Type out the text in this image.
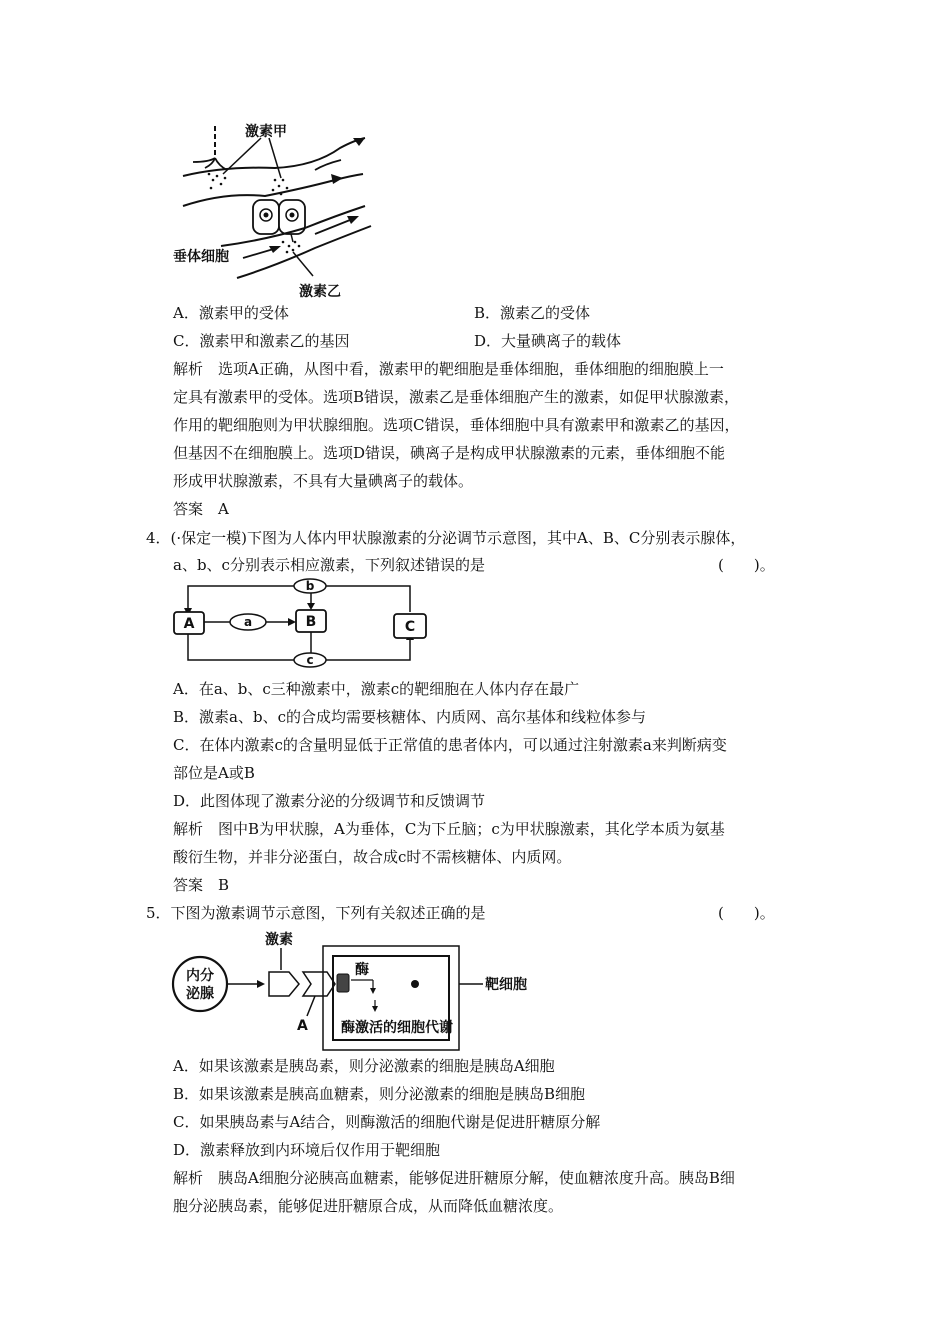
激素甲
垂体细胞
激素乙
A．激素甲的受体	B．激素乙的受体
C．激素甲和激素乙的基因	D．大量碘离子的载体
解析　选项A正确，从图中看，激素甲的靶细胞是垂体细胞，垂体细胞的细胞膜上一
定具有激素甲的受体。选项B错误，激素乙是垂体细胞产生的激素，如促甲状腺激素，
作用的靶细胞则为甲状腺细胞。选项C错误，垂体细胞中具有激素甲和激素乙的基因，
但基因不在细胞膜上。选项D错误，碘离子是构成甲状腺激素的元素，垂体细胞不能
形成甲状腺激素，不具有大量碘离子的载体。
答案　A
4．(·保定一模)下图为人体内甲状腺激素的分泌调节示意图，其中A、B、C分别表示腺体，
a、b、c分别表示相应激素，下列叙述错误的是	(　　)。
A	B	C
a
b
c
A．在a、b、c三种激素中，激素c的靶细胞在人体内存在最广
B．激素a、b、c的合成均需要核糖体、内质网、高尔基体和线粒体参与
C．在体内激素c的含量明显低于正常值的患者体内，可以通过注射激素a来判断病变
部位是A或B
D．此图体现了激素分泌的分级调节和反馈调节
解析　图中B为甲状腺，A为垂体，C为下丘脑；c为甲状腺激素，其化学本质为氨基
酸衍生物，并非分泌蛋白，故合成c时不需核糖体、内质网。
答案　B
5．下图为激素调节示意图，下列有关叙述正确的是	(　　)。
内分
泌腺
激素
A
酶
酶激活的细胞代谢
靶细胞
A．如果该激素是胰岛素，则分泌激素的细胞是胰岛A细胞
B．如果该激素是胰高血糖素，则分泌激素的细胞是胰岛B细胞
C．如果胰岛素与A结合，则酶激活的细胞代谢是促进肝糖原分解
D．激素释放到内环境后仅作用于靶细胞
解析　胰岛A细胞分泌胰高血糖素，能够促进肝糖原分解，使血糖浓度升高。胰岛B细
胞分泌胰岛素，能够促进肝糖原合成，从而降低血糖浓度。
